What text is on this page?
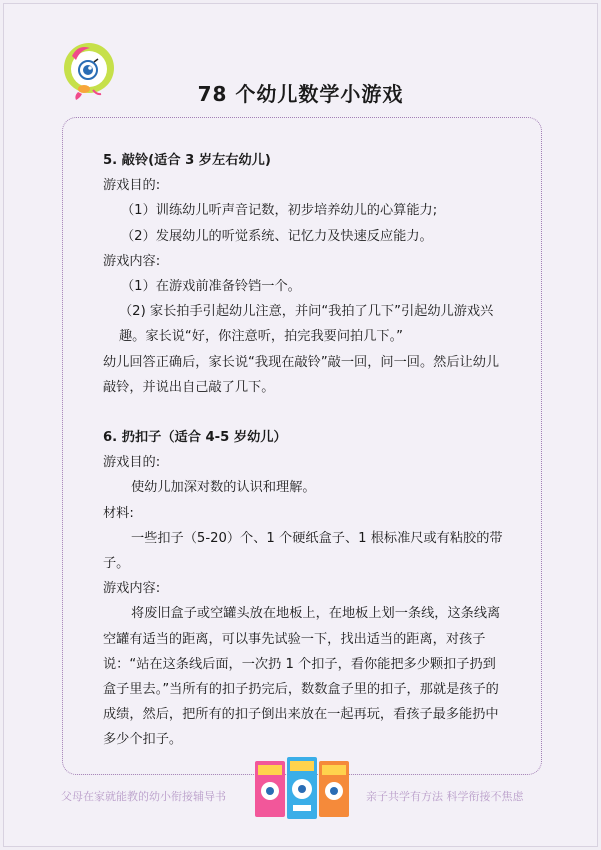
78 个幼儿数学小游戏

5. 敲铃(适合 3 岁左右幼儿)

游戏目的:

（1）训练幼儿听声音记数，初步培养幼儿的心算能力;

（2）发展幼儿的听觉系统、记忆力及快速反应能力。

游戏内容:

（1）在游戏前准备铃铛一个。

（2) 家长拍手引起幼儿注意，并问“我拍了几下”引起幼儿游戏兴趣。家长说“好，你注意听，拍完我要问拍几下。”

幼儿回答正确后，家长说“我现在敲铃”敲一回，问一回。然后让幼儿敲铃，并说出自己敲了几下。

6. 扔扣子（适合 4-5 岁幼儿）

游戏目的:

使幼儿加深对数的认识和理解。

材料:

一些扣子（5-20）个、1 个硬纸盒子、1 根标准尺或有粘胶的带子。

游戏内容:

将废旧盒子或空罐头放在地板上，在地板上划一条线，这条线离空罐有适当的距离，可以事先试验一下，找出适当的距离，对孩子说：“站在这条线后面，一次扔 1 个扣子，看你能把多少颗扣子扔到盒子里去。”当所有的扣子扔完后，数数盒子里的扣子，那就是孩子的成绩，然后，把所有的扣子倒出来放在一起再玩，看孩子最多能扔中多少个扣子。

父母在家就能教的幼小衔接辅导书	亲子共学有方法 科学衔接不焦虑
